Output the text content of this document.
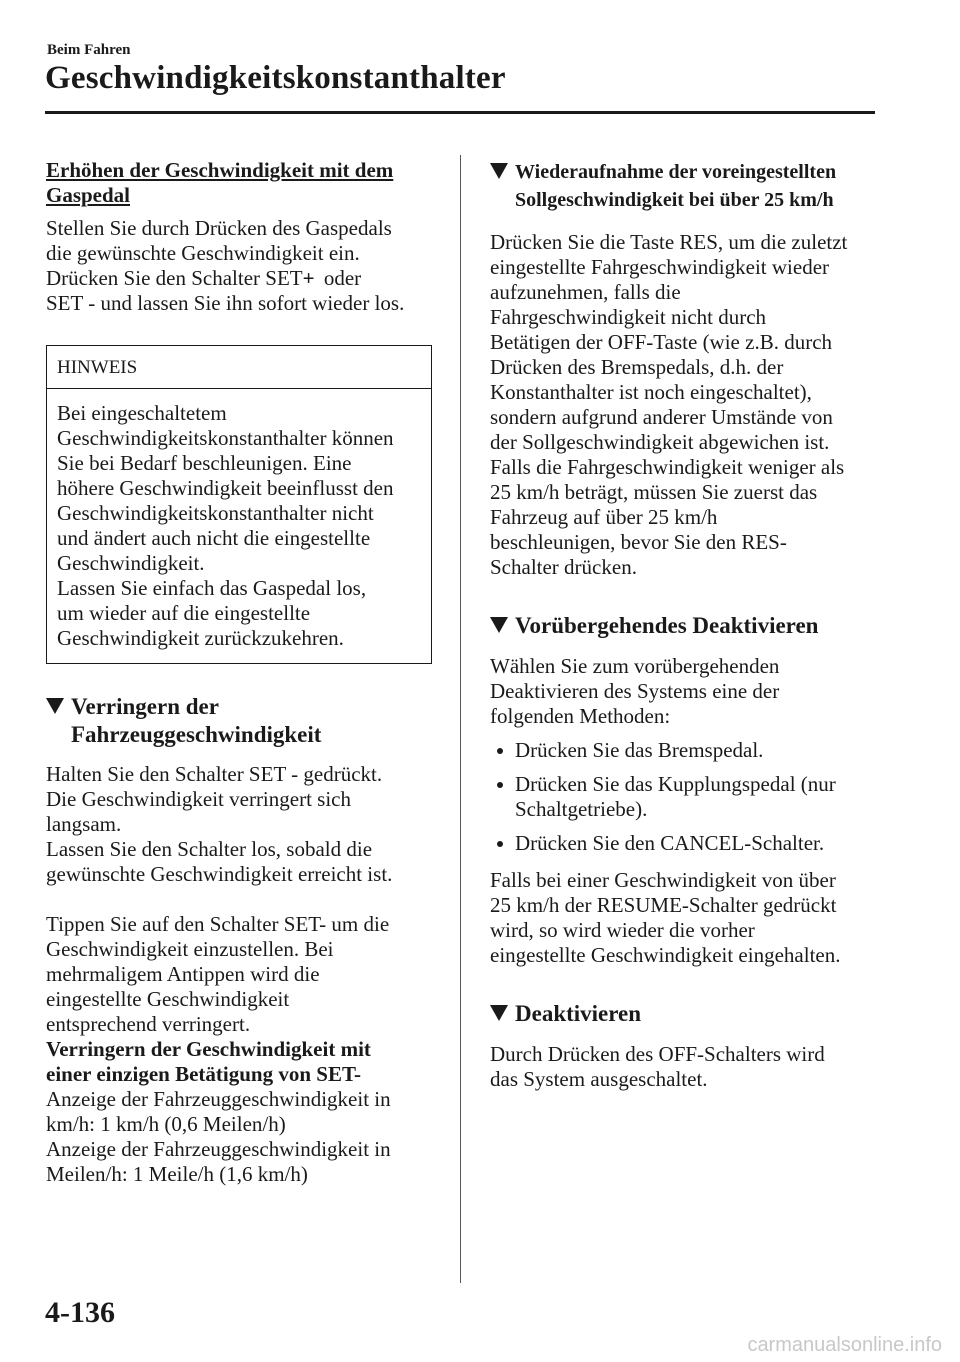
Beim Fahren
Geschwindigkeitskonstanthalter
Erhöhen der Geschwindigkeit mit dem
Gaspedal

Stellen Sie durch Drücken des Gaspedals
die gewünschte Geschwindigkeit ein.
Drücken Sie den Schalter SET+ oder
SET - und lassen Sie ihn sofort wieder los.

HINWEIS
Bei eingeschaltetem
Geschwindigkeitskonstanthalter können
Sie bei Bedarf beschleunigen. Eine
höhere Geschwindigkeit beeinflusst den
Geschwindigkeitskonstanthalter nicht
und ändert auch nicht die eingestellte
Geschwindigkeit.
Lassen Sie einfach das Gaspedal los,
um wieder auf die eingestellte
Geschwindigkeit zurückzukehren.
Verringern der
Fahrzeuggeschwindigkeit

Halten Sie den Schalter SET - gedrückt.
Die Geschwindigkeit verringert sich
langsam.
Lassen Sie den Schalter los, sobald die
gewünschte Geschwindigkeit erreicht ist.

Tippen Sie auf den Schalter SET- um die
Geschwindigkeit einzustellen. Bei
mehrmaligem Antippen wird die
eingestellte Geschwindigkeit
entsprechend verringert.

Verringern der Geschwindigkeit mit
einer einzigen Betätigung von SET-

Anzeige der Fahrzeuggeschwindigkeit in
km/h: 1 km/h (0,6 Meilen/h)
Anzeige der Fahrzeuggeschwindigkeit in
Meilen/h: 1 Meile/h (1,6 km/h)

Wiederaufnahme der voreingestellten
Sollgeschwindigkeit bei über 25 km/h

Drücken Sie die Taste RES, um die zuletzt
eingestellte Fahrgeschwindigkeit wieder
aufzunehmen, falls die
Fahrgeschwindigkeit nicht durch
Betätigen der OFF-Taste (wie z.B. durch
Drücken des Bremspedals, d.h. der
Konstanthalter ist noch eingeschaltet),
sondern aufgrund anderer Umstände von
der Sollgeschwindigkeit abgewichen ist.
Falls die Fahrgeschwindigkeit weniger als
25 km/h beträgt, müssen Sie zuerst das
Fahrzeug auf über 25 km/h
beschleunigen, bevor Sie den RES-
Schalter drücken.

Vorübergehendes Deaktivieren

Wählen Sie zum vorübergehenden
Deaktivieren des Systems eine der
folgenden Methoden:

Drücken Sie das Bremspedal.
Drücken Sie das Kupplungspedal (nur
Schaltgetriebe).
Drücken Sie den CANCEL-Schalter.

Falls bei einer Geschwindigkeit von über
25 km/h der RESUME-Schalter gedrückt
wird, so wird wieder die vorher
eingestellte Geschwindigkeit eingehalten.

Deaktivieren

Durch Drücken des OFF-Schalters wird
das System ausgeschaltet.

4-136
carmanualsonline.info
